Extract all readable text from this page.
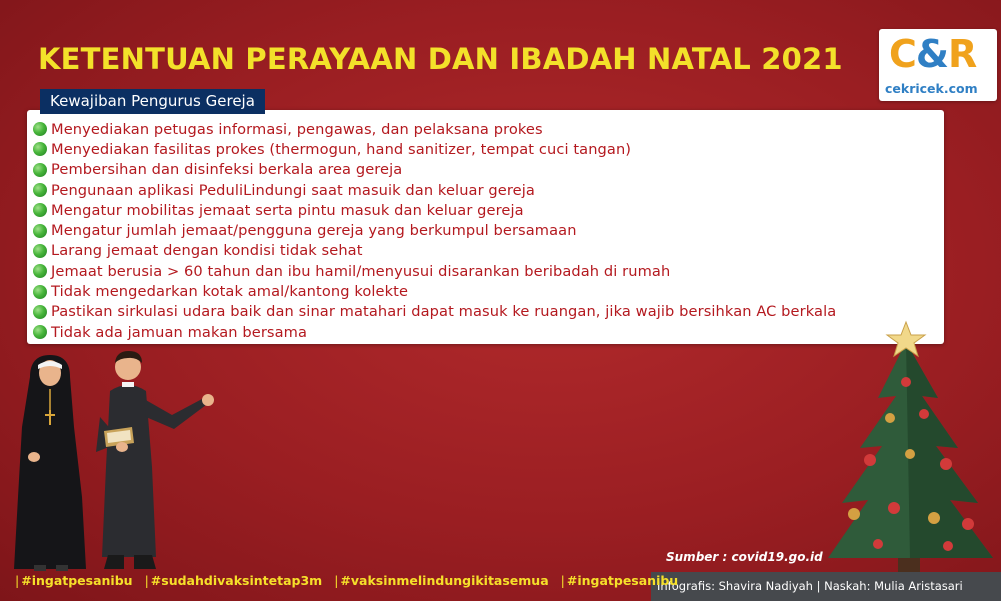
KETENTUAN PERAYAAN DAN IBADAH NATAL 2021 C&R
cekricek.com
Kewajiban Pengurus Gereja
Menyediakan petugas informasi, pengawas, dan pelaksana prokes
Menyediakan fasilitas prokes (thermogun, hand sanitizer, tempat cuci tangan)
Pembersihan dan disinfeksi berkala area gereja
Pengunaan aplikasi PeduliLindungi saat masuik dan keluar gereja
Mengatur mobilitas jemaat serta pintu masuk dan keluar gereja
Mengatur jumlah jemaat/pengguna gereja yang berkumpul bersamaan
Larang jemaat dengan kondisi tidak sehat
Jemaat berusia > 60 tahun dan ibu hamil/menyusui disarankan beribadah di rumah
Tidak mengedarkan kotak amal/kantong kolekte
Pastikan sirkulasi udara baik dan sinar matahari dapat masuk ke ruangan, jika wajib bersihkan AC berkala
Tidak ada jamuan makan bersama
Sumber : covid19.go.id
Infografis: Shavira Nadiyah | Naskah: Mulia Aristasari
| #ingatpesanibu	| #sudahdivaksintetap3m	| #vaksinmelindungikitasemua	| #ingatpesanibu
